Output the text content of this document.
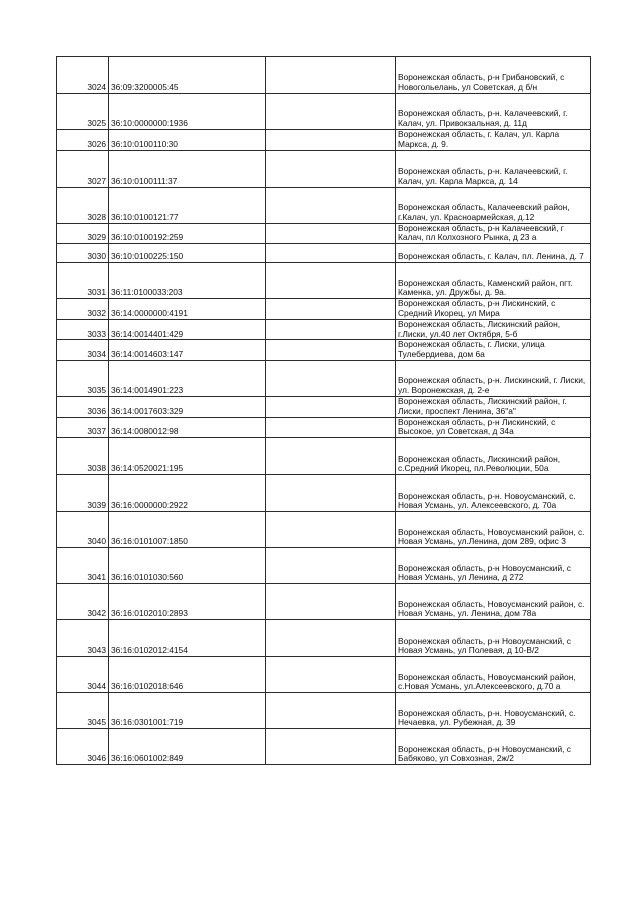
3024	36:09:3200005:45		Воронежская область, р-н Грибановский, с Новогольелань, ул Советская, д б/н
3025	36:10:0000000:1936		Воронежская область, р-н. Калачеевский, г. Калач, ул. Привокзальная, д. 11д
3026	36:10:0100110:30		Воронежская область, г. Калач, ул. Карла Маркса, д. 9.
3027	36:10:0100111:37		Воронежская область, р-н. Калачеевский, г. Калач, ул. Карла Маркса, д. 14
3028	36:10:0100121:77		Воронежская область, Калачеевский район, г.Калач, ул. Красноармейская, д.12
3029	36:10:0100192:259		Воронежская область, р-н Калачеевский, г Калач, пл Колхозного Рынка, д 23 а
3030	36:10:0100225:150		Воронежская область, г. Калач, пл. Ленина, д. 7
3031	36:11:0100033:203		Воронежская область, Каменский район, пгт. Каменка, ул. Дружбы, д. 9а.
3032	36:14:0000000:4191		Воронежская область, р-н Лискинский, с Средний Икорец, ул Мира
3033	36:14:0014401:429		Воронежская область, Лискинский район, г.Лиски, ул.40 лет Октября, 5-б
3034	36:14:0014603:147		Воронежская область, г. Лиски, улица Тулебердиева, дом 6а
3035	36:14:0014901:223		Воронежская область, р-н. Лискинский, г. Лиски, ул. Воронежская, д. 2-е
3036	36:14:0017603:329		Воронежская область, Лискинский район, г. Лиски, проспект Ленина, 36"а"
3037	36:14:0080012:98		Воронежская область, р-н Лискинский, с Высокое, ул Советская, д 34а
3038	36:14:0520021:195		Воронежская область, Лискинский район, с.Средний Икорец, пл.Революции, 50а
3039	36:16:0000000:2922		Воронежская область, р-н. Новоусманский, с. Новая Усмань, ул. Алексеевского, д. 70а
3040	36:16:0101007:1850		Воронежская область, Новоусманский район, с. Новая Усмань, ул.Ленина, дом 289, офис 3
3041	36:16:0101030:560		Воронежская область, р-н Новоусманский, с Новая Усмань, ул Ленина, д 272
3042	36:16:0102010:2893		Воронежская область, Новоусманский район, с. Новая Усмань, ул. Ленина, дом 78а
3043	36:16:0102012:4154		Воронежская область, р-н Новоусманский, с Новая Усмань, ул Полевая, д 10-В/2
3044	36:16:0102018:646		Воронежская область, Новоусманский район, с.Новая Усмань, ул.Алексеевского, д.70 а
3045	36:16:0301001:719		Воронежская область, р-н. Новоусманский, с. Нечаевка, ул. Рубежная, д. 39
3046	36:16:0601002:849		Воронежская область, р-н Новоусманский, с Бабяково, ул Совхозная, 2ж/2
